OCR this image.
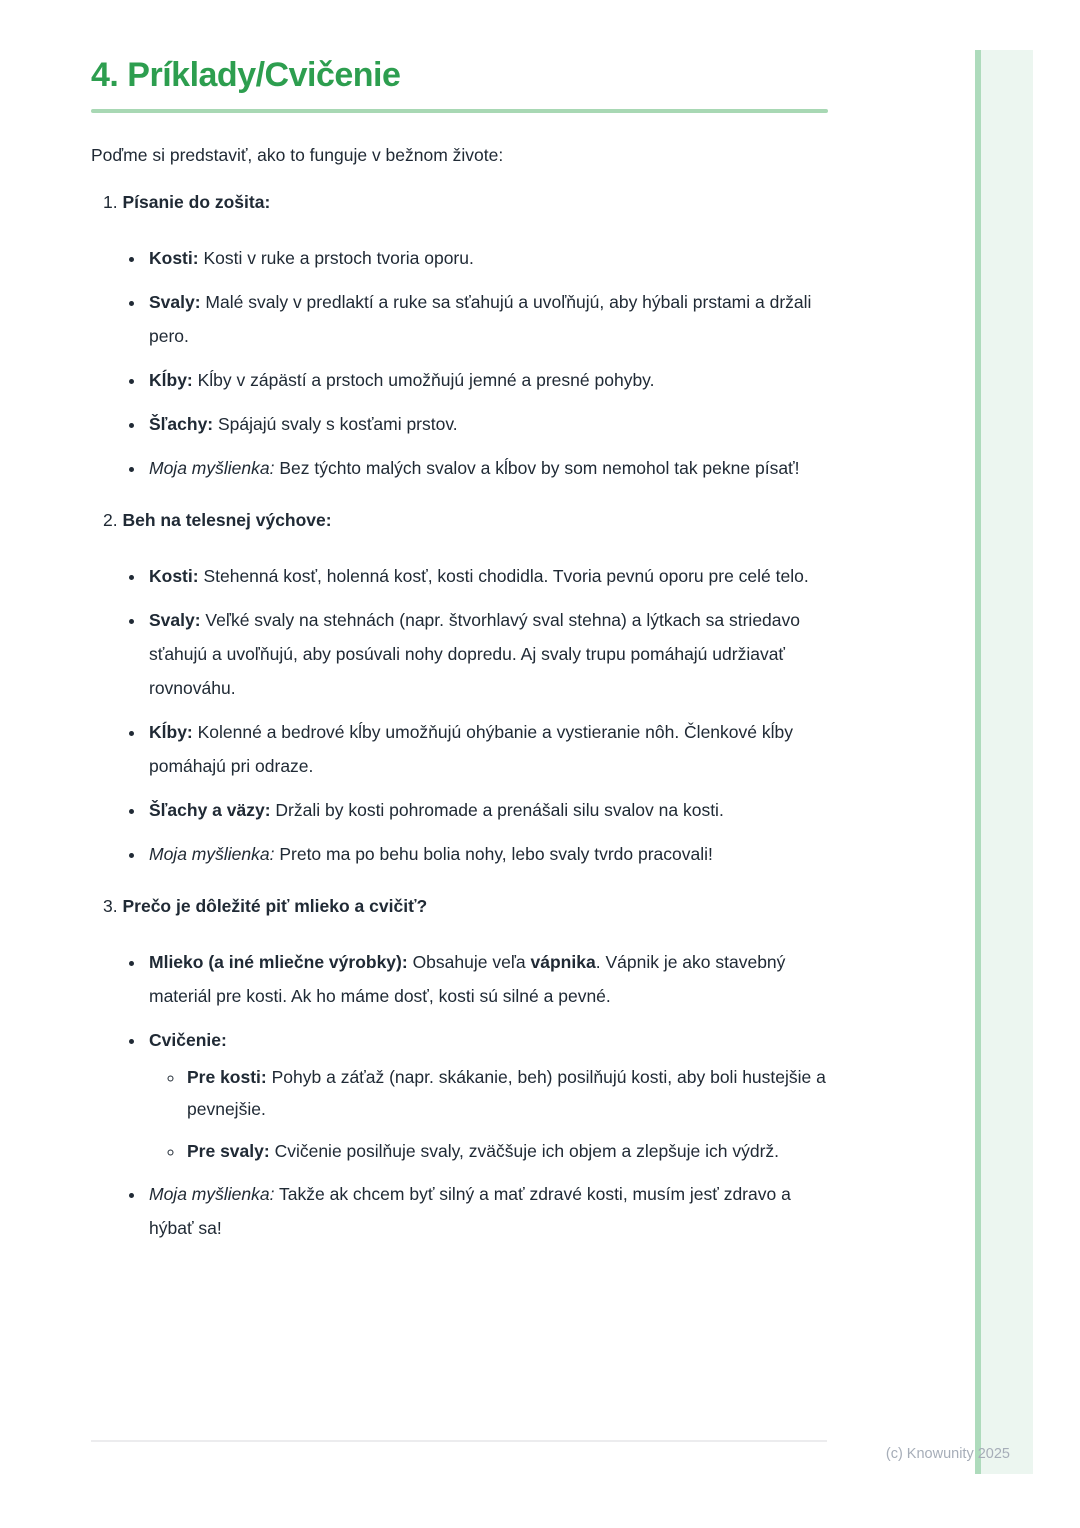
4. Príklady/Cvičenie

Poďme si predstaviť, ako to funguje v bežnom živote:

1. Písanie do zošita:
• Kosti: Kosti v ruke a prstoch tvoria oporu.
• Svaly: Malé svaly v predlaktí a ruke sa sťahujú a uvoľňujú, aby hýbali prstami a držali pero.
• Kĺby: Kĺby v zápästí a prstoch umožňujú jemné a presné pohyby.
• Šľachy: Spájajú svaly s kosťami prstov.
• Moja myšlienka: Bez týchto malých svalov a kĺbov by som nemohol tak pekne písať!
2. Beh na telesnej výchove:
• Kosti: Stehenná kosť, holenná kosť, kosti chodidla. Tvoria pevnú oporu pre celé telo.
• Svaly: Veľké svaly na stehnách (napr. štvorhlavý sval stehna) a lýtkach sa striedavo sťahujú a uvoľňujú, aby posúvali nohy dopredu. Aj svaly trupu pomáhajú udržiavať rovnováhu.
• Kĺby: Kolenné a bedrové kĺby umožňujú ohýbanie a vystieranie nôh. Členkové kĺby pomáhajú pri odraze.
• Šľachy a väzy: Držali by kosti pohromade a prenášali silu svalov na kosti.
• Moja myšlienka: Preto ma po behu bolia nohy, lebo svaly tvrdo pracovali!
3. Prečo je dôležité piť mlieko a cvičiť?
• Mlieko (a iné mliečne výrobky): Obsahuje veľa vápnika. Vápnik je ako stavebný materiál pre kosti. Ak ho máme dosť, kosti sú silné a pevné.
• Cvičenie:
◦ Pre kosti: Pohyb a záťaž (napr. skákanie, beh) posilňujú kosti, aby boli hustejšie a pevnejšie.
◦ Pre svaly: Cvičenie posilňuje svaly, zväčšuje ich objem a zlepšuje ich výdrž.
• Moja myšlienka: Takže ak chcem byť silný a mať zdravé kosti, musím jesť zdravo a hýbať sa!
(c) Knowunity 2025
